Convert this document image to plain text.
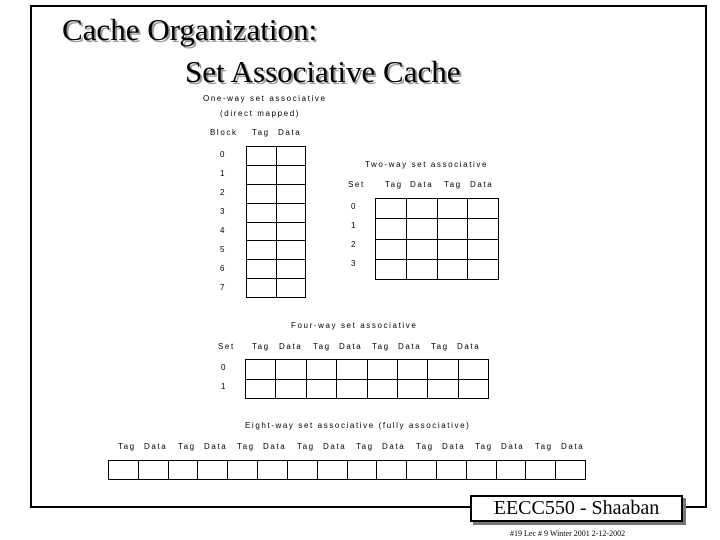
Cache Organization:
Set Associative Cache
One-way set associative
(direct mapped)
Block Tag Data
0
1
2
3
4
5
6
7

Two-way set associative
Set	Tag Data Tag Data
0
1
2
3

Four-way set associative
Set Tag Data Tag Data Tag Data Tag Data
0
1

Eight-way set associative (fully associative)
Tag Data Tag Data Tag Data Tag Data Tag Data Tag Data Tag Data Tag Data

EECC550 - Shaaban
#19 Lec # 9 Winter 2001 2-12-2002
